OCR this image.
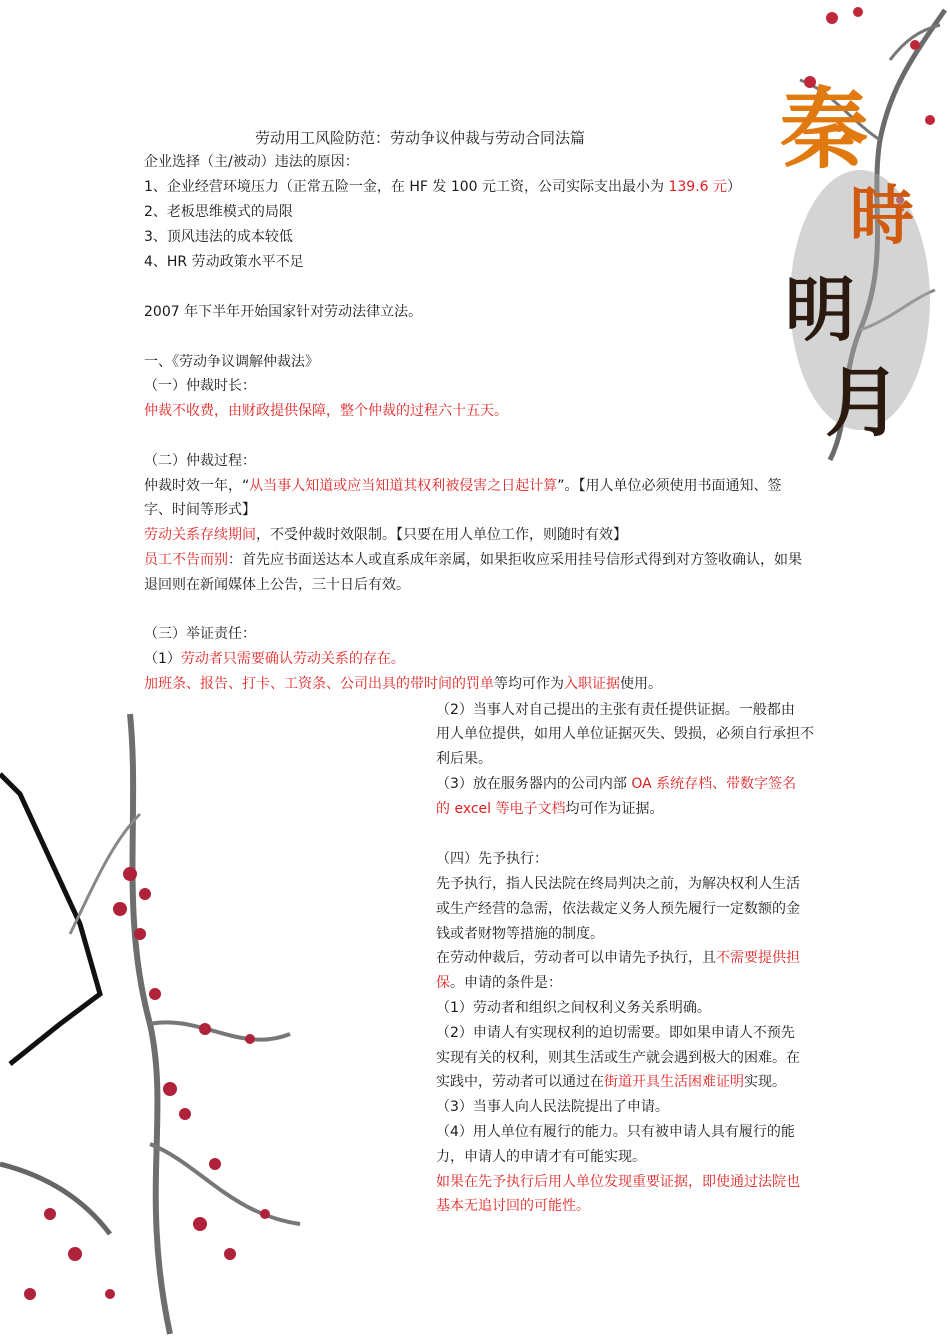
秦
時
明
月
劳动用工风险防范：劳动争议仲裁与劳动合同法篇
企业选择（主/被动）违法的原因：
1、企业经营环境压力（正常五险一金，在 HF 发 100 元工资，公司实际支出最小为 139.6 元）
2、老板思维模式的局限
3、顶风违法的成本较低
4、HR 劳动政策水平不足
2007 年下半年开始国家针对劳动法律立法。
一、《劳动争议调解仲裁法》
（一）仲裁时长：
仲裁不收费，由财政提供保障，整个仲裁的过程六十五天。
（二）仲裁过程：
仲裁时效一年，“从当事人知道或应当知道其权利被侵害之日起计算”。【用人单位必须使用书面通知、签
字、时间等形式】
劳动关系存续期间，不受仲裁时效限制。【只要在用人单位工作，则随时有效】
员工不告而别：首先应书面送达本人或直系成年亲属，如果拒收应采用挂号信形式得到对方签收确认，如果
退回则在新闻媒体上公告，三十日后有效。
（三）举证责任：
（1）劳动者只需要确认劳动关系的存在。
加班条、报告、打卡、工资条、公司出具的带时间的罚单等均可作为入职证据使用。
（2）当事人对自己提出的主张有责任提供证据。一般都由
用人单位提供，如用人单位证据灭失、毁损，必须自行承担不
利后果。
（3）放在服务器内的公司内部 OA 系统存档、带数字签名
的 excel 等电子文档均可作为证据。
（四）先予执行：
先予执行，指人民法院在终局判决之前，为解决权利人生活
或生产经营的急需，依法裁定义务人预先履行一定数额的金
钱或者财物等措施的制度。
在劳动仲裁后，劳动者可以申请先予执行，且不需要提供担
保。申请的条件是：
（1）劳动者和组织之间权利义务关系明确。
（2）申请人有实现权利的迫切需要。即如果申请人不预先
实现有关的权利，则其生活或生产就会遇到极大的困难。在
实践中，劳动者可以通过在街道开具生活困难证明实现。
（3）当事人向人民法院提出了申请。
（4）用人单位有履行的能力。只有被申请人具有履行的能
力，申请人的申请才有可能实现。
如果在先予执行后用人单位发现重要证据，即使通过法院也
基本无追讨回的可能性。
